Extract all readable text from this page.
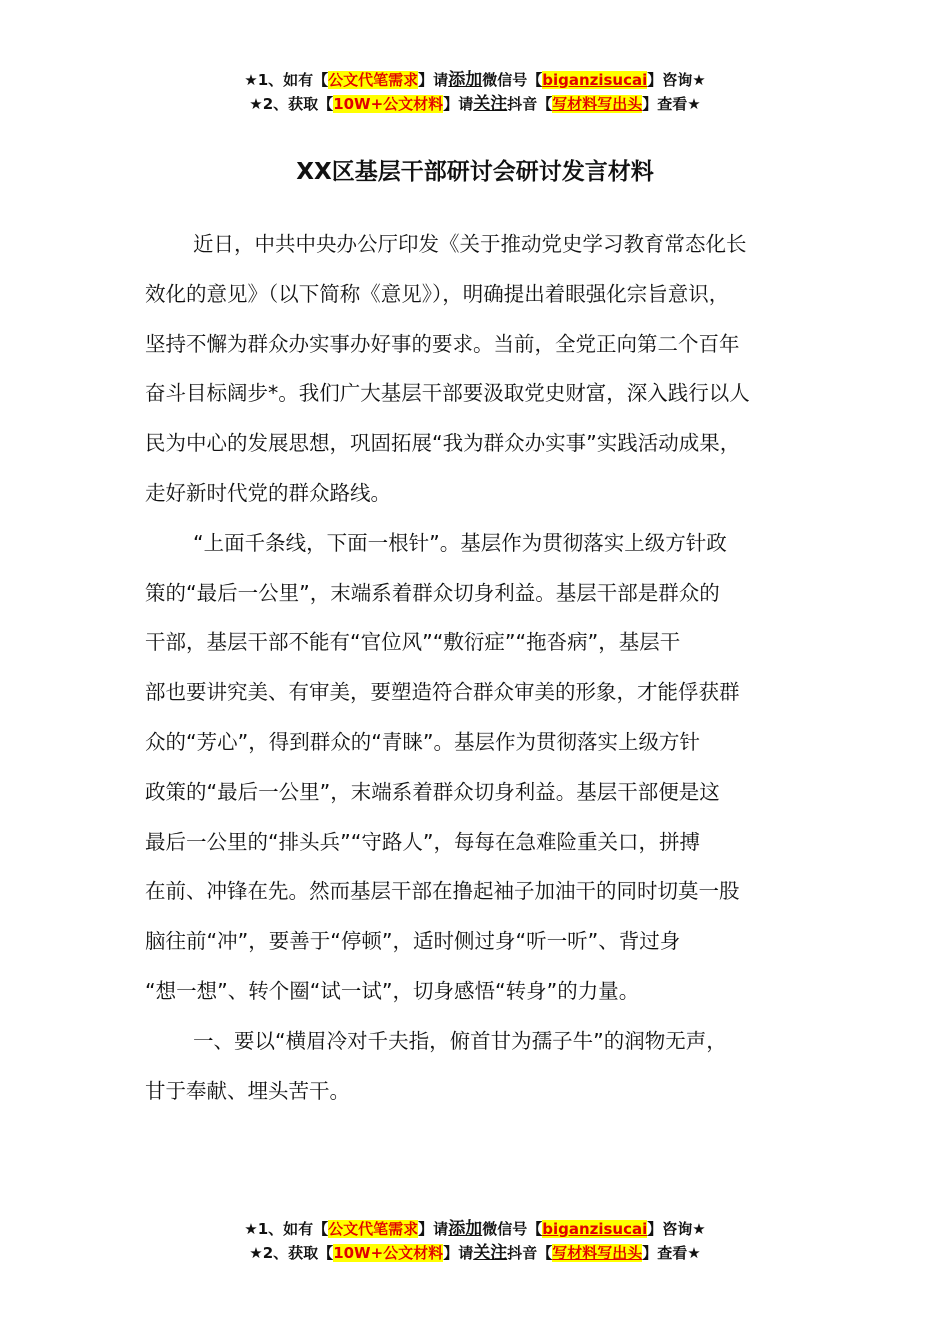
★1、如有【公文代笔需求】请添加微信号【biganzisucai】咨询★
★2、获取【10W+公文材料】请关注抖音【写材料写出头】查看★
XX区基层干部研讨会研讨发言材料
近日，中共中央办公厅印发《关于推动党史学习教育常态化长
效化的意见》（以下简称《意见》），明确提出着眼强化宗旨意识，
坚持不懈为群众办实事办好事的要求。当前，全党正向第二个百年
奋斗目标阔步*。我们广大基层干部要汲取党史财富，深入践行以人
民为中心的发展思想，巩固拓展“我为群众办实事”实践活动成果，
走好新时代党的群众路线。
“上面千条线，下面一根针”。基层作为贯彻落实上级方针政
策的“最后一公里”，末端系着群众切身利益。基层干部是群众的
干部，基层干部不能有“官位风”“敷衍症”“拖沓病”，基层干
部也要讲究美、有审美，要塑造符合群众审美的形象，才能俘获群
众的“芳心”，得到群众的“青睐”。基层作为贯彻落实上级方针
政策的“最后一公里”，末端系着群众切身利益。基层干部便是这
最后一公里的“排头兵”“守路人”，每每在急难险重关口，拼搏
在前、冲锋在先。然而基层干部在撸起袖子加油干的同时切莫一股
脑往前“冲”，要善于“停顿”，适时侧过身“听一听”、背过身
“想一想”、转个圈“试一试”，切身感悟“转身”的力量。
一、要以“横眉冷对千夫指，俯首甘为孺子牛”的润物无声，
甘于奉献、埋头苦干。
★1、如有【公文代笔需求】请添加微信号【biganzisucai】咨询★
★2、获取【10W+公文材料】请关注抖音【写材料写出头】查看★
